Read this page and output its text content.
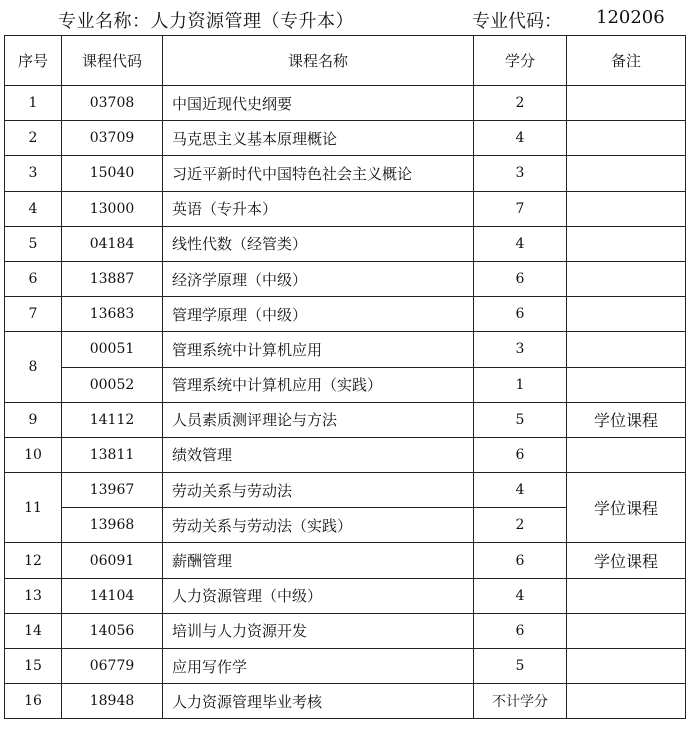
专业名称：人力资源管理（专升本）	专业代码： 120206
序号	课程代码	课程名称	学分	备注
1	03708	中国近现代史纲要	2	
2	03709	马克思主义基本原理概论	4	
3	15040	习近平新时代中国特色社会主义概论	3	
4	13000	英语（专升本）	7	
5	04184	线性代数（经管类）	4	
6	13887	经济学原理（中级）	6	
7	13683	管理学原理（中级）	6	
8	00051	管理系统中计算机应用	3	
	00052	管理系统中计算机应用（实践）	1	
9	14112	人员素质测评理论与方法	5	学位课程
10	13811	绩效管理	6	
11	13967	劳动关系与劳动法	4	学位课程
	13968	劳动关系与劳动法（实践）	2	
12	06091	薪酬管理	6	学位课程
13	14104	人力资源管理（中级）	4	
14	14056	培训与人力资源开发	6	
15	06779	应用写作学	5	
16	18948	人力资源管理毕业考核	不计学分	
